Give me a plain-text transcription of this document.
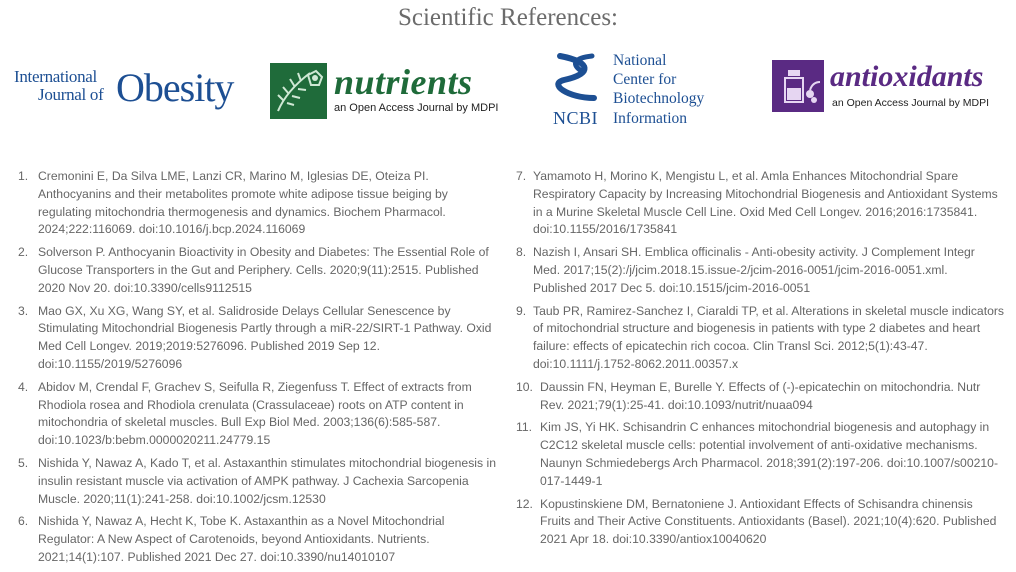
Scientific References:
International
Journal of Obesity	nutrients
an Open Access Journal by MDPI	NCBI
National
Center for
Biotechnology
Information
antioxidants
an Open Access Journal by MDPI
1. Cremonini E, Da Silva LME, Lanzi CR, Marino M, Iglesias DE, Oteiza PI. Anthocyanins and their metabolites promote white adipose tissue beiging by regulating mitochondria thermogenesis and dynamics. Biochem Pharmacol. 2024;222:116069. doi:10.1016/j.bcp.2024.116069
2. Solverson P. Anthocyanin Bioactivity in Obesity and Diabetes: The Essential Role of Glucose Transporters in the Gut and Periphery. Cells. 2020;9(11):2515. Published 2020 Nov 20. doi:10.3390/cells9112515
3. Mao GX, Xu XG, Wang SY, et al. Salidroside Delays Cellular Senescence by Stimulating Mitochondrial Biogenesis Partly through a miR-22/SIRT-1 Pathway. Oxid Med Cell Longev. 2019;2019:5276096. Published 2019 Sep 12. doi:10.1155/2019/5276096
4. Abidov M, Crendal F, Grachev S, Seifulla R, Ziegenfuss T. Effect of extracts from Rhodiola rosea and Rhodiola crenulata (Crassulaceae) roots on ATP content in mitochondria of skeletal muscles. Bull Exp Biol Med. 2003;136(6):585-587. doi:10.1023/b:bebm.0000020211.24779.15
5. Nishida Y, Nawaz A, Kado T, et al. Astaxanthin stimulates mitochondrial biogenesis in insulin resistant muscle via activation of AMPK pathway. J Cachexia Sarcopenia Muscle. 2020;11(1):241-258. doi:10.1002/jcsm.12530
6. Nishida Y, Nawaz A, Hecht K, Tobe K. Astaxanthin as a Novel Mitochondrial Regulator: A New Aspect of Carotenoids, beyond Antioxidants. Nutrients. 2021;14(1):107. Published 2021 Dec 27. doi:10.3390/nu14010107
7. Yamamoto H, Morino K, Mengistu L, et al. Amla Enhances Mitochondrial Spare Respiratory Capacity by Increasing Mitochondrial Biogenesis and Antioxidant Systems in a Murine Skeletal Muscle Cell Line. Oxid Med Cell Longev. 2016;2016:1735841. doi:10.1155/2016/1735841
8. Nazish I, Ansari SH. Emblica officinalis - Anti-obesity activity. J Complement Integr Med. 2017;15(2):/j/jcim.2018.15.issue-2/jcim-2016-0051/jcim-2016-0051.xml. Published 2017 Dec 5. doi:10.1515/jcim-2016-0051
9. Taub PR, Ramirez-Sanchez I, Ciaraldi TP, et al. Alterations in skeletal muscle indicators of mitochondrial structure and biogenesis in patients with type 2 diabetes and heart failure: effects of epicatechin rich cocoa. Clin Transl Sci. 2012;5(1):43-47. doi:10.1111/j.1752-8062.2011.00357.x
10. Daussin FN, Heyman E, Burelle Y. Effects of (-)-epicatechin on mitochondria. Nutr Rev. 2021;79(1):25-41. doi:10.1093/nutrit/nuaa094
11. Kim JS, Yi HK. Schisandrin C enhances mitochondrial biogenesis and autophagy in C2C12 skeletal muscle cells: potential involvement of anti-oxidative mechanisms. Naunyn Schmiedebergs Arch Pharmacol. 2018;391(2):197-206. doi:10.1007/s00210-017-1449-1
12. Kopustinskiene DM, Bernatoniene J. Antioxidant Effects of Schisandra chinensis Fruits and Their Active Constituents. Antioxidants (Basel). 2021;10(4):620. Published 2021 Apr 18. doi:10.3390/antiox10040620
